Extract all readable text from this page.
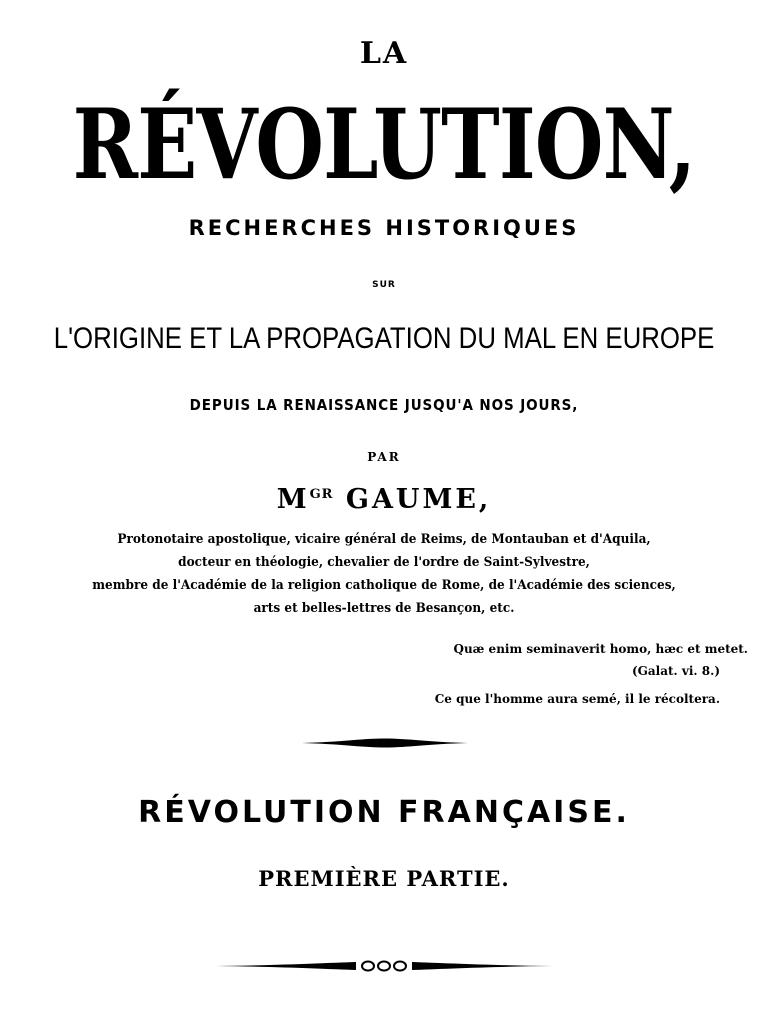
LA
RÉVOLUTION,
RECHERCHES HISTORIQUES
SUR
L'ORIGINE ET LA PROPAGATION DU MAL EN EUROPE
DEPUIS LA RENAISSANCE JUSQU'A NOS JOURS,
PAR
$M^{GR}$ GAUME,
Protonotaire apostolique, vicaire général de Reims, de Montauban et d'Aquila,
docteur en théologie, chevalier de l'ordre de Saint-Sylvestre,
membre de l'Académie de la religion catholique de Rome, de l'Académie des sciences,
arts et belles-lettres de Besançon, etc.
Quæ enim seminaverit homo, hæc et metet.
(Galat. vi. 8.)
Ce que l'homme aura semé, il le récoltera.
RÉVOLUTION FRANÇAISE.
PREMIÈRE PARTIE.
